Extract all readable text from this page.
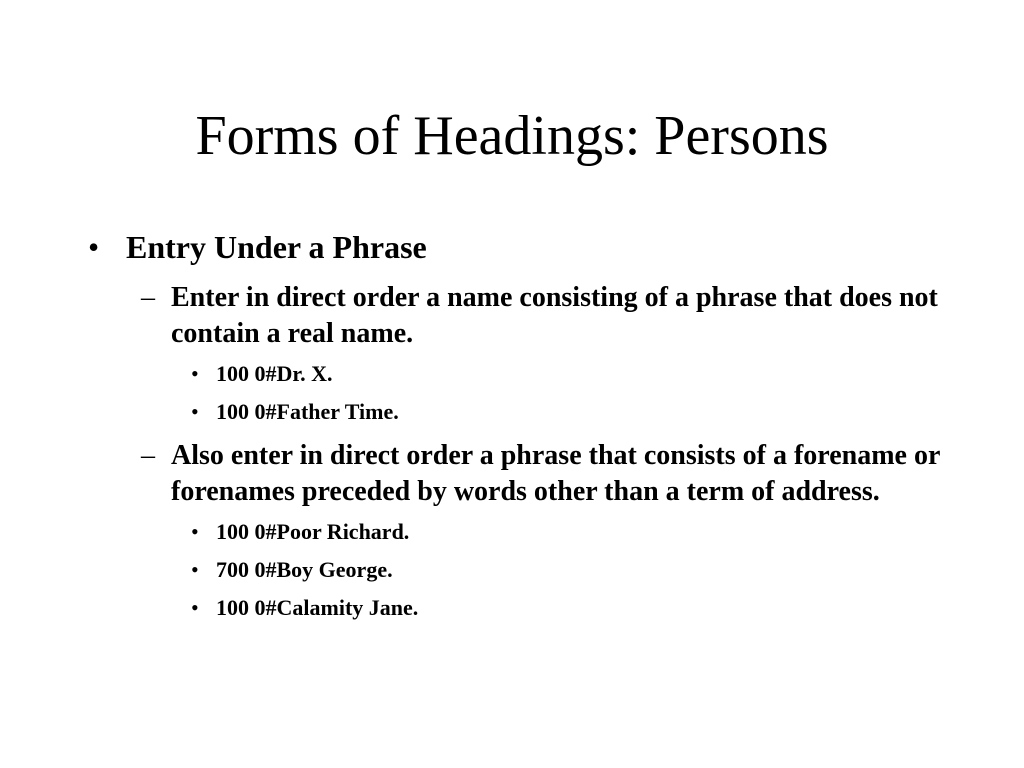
Forms of Headings: Persons
• Entry Under a Phrase
– Enter in direct order a name consisting of a phrase that does not contain a real name.
• 100 0#Dr. X.
• 100 0#Father Time.
– Also enter in direct order a phrase that consists of a forename or forenames preceded by words other than a term of address.
• 100 0#Poor Richard.
• 700 0#Boy George.
• 100 0#Calamity Jane.
